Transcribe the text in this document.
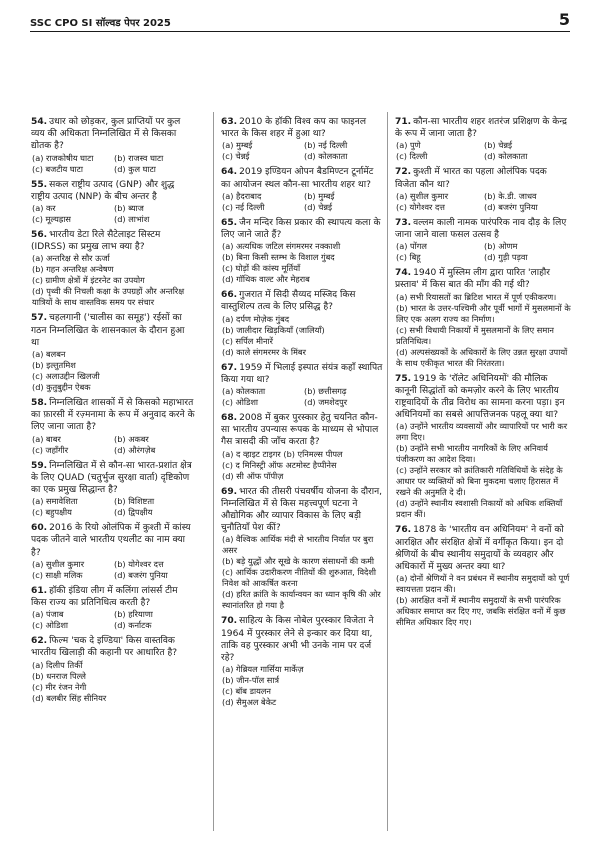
SSC CPO SI सॉल्वड पेपर 2025	5
54. उधार को छोड़कर, कुल प्राप्तियों पर कुल व्यय की अधिकता निम्नलिखित में से किसका द्योतक है?
(a) राजकोषीय घाटा	(b) राजस्व घाटा
(c) बजटीय घाटा	(d) कुल घाटा
55. सकल राष्ट्रीय उत्पाद (GNP) और शुद्ध राष्ट्रीय उत्पाद (NNP) के बीच अन्तर है
(a) कर	(b) ब्याज
(c) मूल्यह्रास	(d) लाभांश
56. भारतीय डेटा रिले सैटेलाइट सिस्टम (IDRSS) का प्रमुख लाभ क्या है?
(a) अन्तरिक्ष से सौर ऊर्जा
(b) गहन अन्तरिक्ष अन्वेषण
(c) ग्रामीण क्षेत्रों में इंटरनेट का उपयोग
(d) पृथ्वी की निचली कक्षा के उपग्रहों और अन्तरिक्ष यात्रियों के साथ वास्तविक समय पर संचार
57. चहलगानी ('चालीस का समूह') रईसों का गठन निम्नलिखित के शासनकाल के दौरान हुआ था
(a) बलबन
(b) इल्तुतमिश
(c) अलाउद्दीन खिलजी
(d) कुतुबुद्दीन ऐबक
58. निम्नलिखित शासकों में से किसको महाभारत का फ़ारसी में रज़्मनामा के रूप में अनुवाद करने के लिए जाना जाता है?
(a) बाबर	(b) अकबर
(c) जहाँगीर	(d) औरंगज़ेब
59. निम्नलिखित में से कौन-सा भारत-प्रशांत क्षेत्र के लिए QUAD (चतुर्भुज सुरक्षा वार्ता) दृष्टिकोण का एक प्रमुख सिद्धान्त है?
(a) समावेशिता	(b) विशिष्टता
(c) बहुपक्षीय	(d) द्विपक्षीय
60. 2016 के रियो ओलंपिक में कुश्ती में कांस्य पदक जीतने वाले भारतीय एथलीट का नाम क्या है?
(a) सुशील कुमार	(b) योगेश्वर दत्त
(c) साक्षी मलिक	(d) बजरंग पुनिया
61. हॉकी इंडिया लीग में कलिंगा लांसर्स टीम किस राज्य का प्रतिनिधित्व करती है?
(a) पंजाब	(b) हरियाणा
(c) ओडिशा	(d) कर्नाटक
62. फिल्म 'चक दे इण्डिया' किस वास्तविक भारतीय खिलाड़ी की कहानी पर आधारित है?
(a) दिलीप तिर्की
(b) धनराज पिल्ले
(c) मीर रंजन नेगी
(d) बलबीर सिंह सीनियर
63. 2010 के हॉकी विश्व कप का फाइनल भारत के किस शहर में हुआ था?
(a) मुम्बई	(b) नई दिल्ली
(c) चेन्नई	(d) कोलकाता
64. 2019 इण्डियन ओपन बैडमिण्टन टूर्नामेंट का आयोजन स्थल कौन-सा भारतीय शहर था?
(a) हैदराबाद	(b) मुम्बई
(c) नई दिल्ली	(d) चेन्नई
65. जैन मन्दिर किस प्रकार की स्थापत्य कला के लिए जाने जाते हैं?
(a) अत्यधिक जटिल संगमरमर नक्काशी
(b) बिना किसी स्तम्भ के विशाल गुंबद
(c) घोड़ों की कांस्य मूर्तियाँ
(d) गॉथिक वाल्ट और मेहराब
66. गुजरात में सिदी सैय्यद मस्जिद किस वास्तुशिल्प तत्व के लिए प्रसिद्ध है?
(a) दर्पण मोज़ेक गुंबद
(b) जालीदार खिड़कियाँ (जालियाँ)
(c) सर्पिल मीनारें
(d) काले संगमरमर के मिंबर
67. 1959 में भिलाई इस्पात संयंत्र कहाँ स्थापित किया गया था?
(a) कोलकाता	(b) छत्तीसगढ़
(c) ओडिशा	(d) जमशेदपुर
68. 2008 में बुकर पुरस्कार हेतु चयनित कौन-सा भारतीय उपन्यास रूपक के माध्यम से भोपाल गैस त्रासदी की जाँच करता है?
(a) द व्हाइट टाइगर (b) एनिमल्स पीपल
(c) द मिनिस्ट्री ऑफ अटमोस्ट हैप्पीनेस
(d) सी ऑफ पॉपीज़
69. भारत की तीसरी पंचवर्षीय योजना के दौरान, निम्नलिखित में से किस महत्त्वपूर्ण घटना ने औद्योगिक और व्यापार विकास के लिए बड़ी चुनौतियाँ पेश कीं?
(a) वैश्विक आर्थिक मंदी से भारतीय निर्यात पर बुरा असर
(b) बड़े युद्धों और सूखे के कारण संसाधनों की कमी
(c) आर्थिक उदारीकरण नीतियों की शुरुआत, विदेशी निवेश को आकर्षित करना
(d) हरित क्रांति के कार्यान्वयन का ध्यान कृषि की ओर स्थानांतरित हो गया है
70. साहित्य के किस नोबेल पुरस्कार विजेता ने 1964 में पुरस्कार लेने से इन्कार कर दिया था, ताकि वह पुरस्कार अभी भी उनके नाम पर दर्ज रहे?
(a) गेब्रियल गार्सिया मार्केज़
(b) जीन-पॉल सार्त्र
(c) बॉब डायलन
(d) सैमुअल बेकेट
71. कौन-सा भारतीय शहर शतरंज प्रशिक्षण के केन्द्र के रूप में जाना जाता है?
(a) पुणे	(b) चेन्नई
(c) दिल्ली	(d) कोलकाता
72. कुश्ती में भारत का पहला ओलंपिक पदक विजेता कौन था?
(a) सुशील कुमार	(b) के.डी. जाधव
(c) योगेश्वर दत्त	(d) बजरंग पुनिया
73. वल्लम काली नामक पारंपरिक नाव दौड़ के लिए जाना जाने वाला फसल उत्सव है
(a) पोंगल	(b) ओणम
(c) बिहू	(d) गुड़ी पड़वा
74. 1940 में मुस्लिम लीग द्वारा पारित 'लाहौर प्रस्ताव' में किस बात की माँग की गई थी?
(a) सभी रियासतों का ब्रिटिश भारत में पूर्ण एकीकरण।
(b) भारत के उत्तर-पश्चिमी और पूर्वी भागों में मुसलमानों के लिए एक अलग राज्य का निर्माण।
(c) सभी विधायी निकायों में मुसलमानों के लिए समान प्रतिनिधित्व।
(d) अल्पसंख्यकों के अधिकारों के लिए उन्नत सुरक्षा उपायों के साथ एकीकृत भारत की निरंतरता।
75. 1919 के 'रॉलेट अधिनियमों' की मौलिक कानूनी सिद्धांतों को कमज़ोर करने के लिए भारतीय राष्ट्रवादियों के तीव्र विरोध का सामना करना पड़ा। इन अधिनियमों का सबसे आपत्तिजनक पहलू क्या था?
(a) उन्होंने भारतीय व्यवसायों और व्यापारियों पर भारी कर लगा दिए।
(b) उन्होंने सभी भारतीय नागरिकों के लिए अनिवार्य पंजीकरण का आदेश दिया।
(c) उन्होंने सरकार को क्रांतिकारी गतिविधियों के संदेह के आधार पर व्यक्तियों को बिना मुकदमा चलाए हिरासत में रखने की अनुमति दे दी।
(d) उन्होंने स्थानीय स्वशासी निकायों को अधिक शक्तियाँ प्रदान कीं।
76. 1878 के 'भारतीय वन अधिनियम' ने वनों को आरक्षित और संरक्षित क्षेत्रों में वर्गीकृत किया। इन दो श्रेणियों के बीच स्थानीय समुदायों के व्यवहार और अधिकारों में मुख्य अन्तर क्या था?
(a) दोनों श्रेणियों ने वन प्रबंधन में स्थानीय समुदायों को पूर्ण स्वायत्तता प्रदान की।
(b) आरक्षित वनों में स्थानीय समुदायों के सभी पारंपरिक अधिकार समाप्त कर दिए गए, जबकि संरक्षित वनों में कुछ सीमित अधिकार दिए गए।
